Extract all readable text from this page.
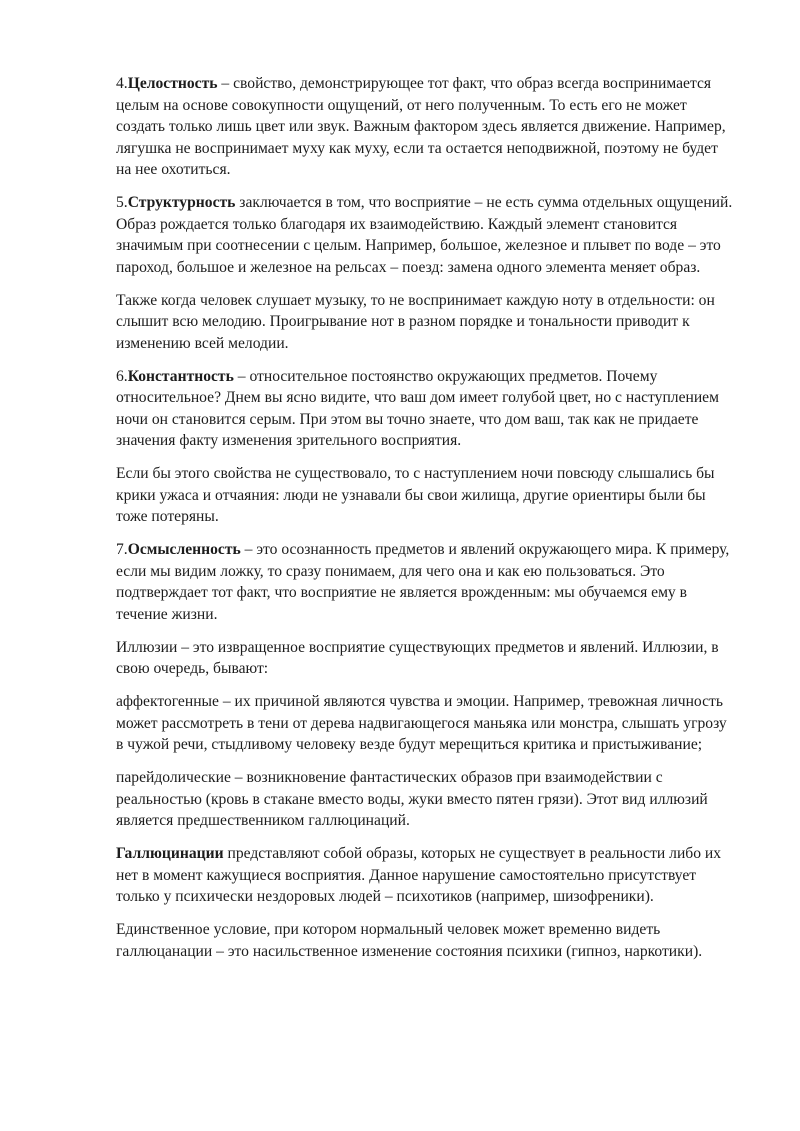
4.Целостность – свойство, демонстрирующее тот факт, что образ всегда воспринимается целым на основе совокупности ощущений, от него полученным. То есть его не может создать только лишь цвет или звук. Важным фактором здесь является движение. Например, лягушка не воспринимает муху как муху, если та остается неподвижной, поэтому не будет на нее охотиться.

5.Структурность заключается в том, что восприятие – не есть сумма отдельных ощущений. Образ рождается только благодаря их взаимодействию. Каждый элемент становится значимым при соотнесении с целым. Например, большое, железное и плывет по воде – это пароход, большое и железное на рельсах – поезд: замена одного элемента меняет образ.

Также когда человек слушает музыку, то не воспринимает каждую ноту в отдельности: он слышит всю мелодию. Проигрывание нот в разном порядке и тональности приводит к изменению всей мелодии.

6.Константность – относительное постоянство окружающих предметов. Почему относительное? Днем вы ясно видите, что ваш дом имеет голубой цвет, но с наступлением ночи он становится серым. При этом вы точно знаете, что дом ваш, так как не придаете значения факту изменения зрительного восприятия.

Если бы этого свойства не существовало, то с наступлением ночи повсюду слышались бы крики ужаса и отчаяния: люди не узнавали бы свои жилища, другие ориентиры были бы тоже потеряны.

7.Осмысленность – это осознанность предметов и явлений окружающего мира. К примеру, если мы видим ложку, то сразу понимаем, для чего она и как ею пользоваться. Это подтверждает тот факт, что восприятие не является врожденным: мы обучаемся ему в течение жизни.

Иллюзии – это извращенное восприятие существующих предметов и явлений. Иллюзии, в свою очередь, бывают:

аффектогенные – их причиной являются чувства и эмоции. Например, тревожная личность может рассмотреть в тени от дерева надвигающегося маньяка или монстра, слышать угрозу в чужой речи, стыдливому человеку везде будут мерещиться критика и пристыживание;

парейдолические – возникновение фантастических образов при взаимодействии с реальностью (кровь в стакане вместо воды, жуки вместо пятен грязи). Этот вид иллюзий является предшественником галлюцинаций.

Галлюцинации представляют собой образы, которых не существует в реальности либо их нет в момент кажущиеся восприятия. Данное нарушение самостоятельно присутствует только у психически нездоровых людей – психотиков (например, шизофреники).

Единственное условие, при котором нормальный человек может временно видеть галлюцанации – это насильственное изменение состояния психики (гипноз, наркотики).
